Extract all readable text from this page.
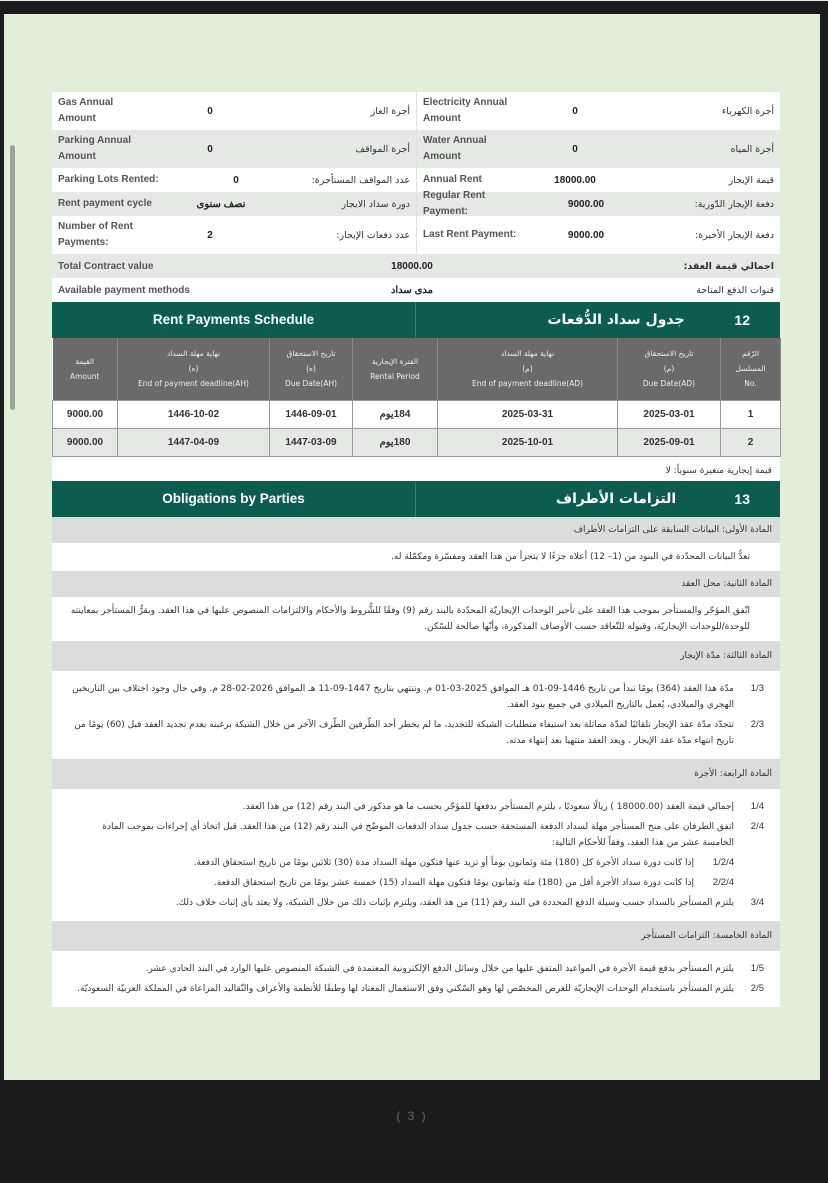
Gas Annual Amount
0	أجرة الغاز
Electricity Annual Amount
0	أجرة الكهرباء
Parking Annual Amount
0	أجرة المواقف
Water Annual Amount
0	أجرة المياه
Parking Lots Rented:	0	عدد المواقف المستأجرة:	Annual Rent	18000.00	قيمة الإيجار
Rent payment cycle	نصف سنوى	دورة سداد الايجار
Regular Rent Payment:
9000.00	دفعة الإيجار الدّورية:
Number of Rent Payments:
2	عدد دفعات الإيجار:	Last Rent Payment:	9000.00	دفعة الإيجار الأخيرة:
Total Contract value	18000.00	اجمالي قيمة العقد:
Available payment methods	مدى سداد	قنوات الدفع المتاحة
Rent Payments Schedule	12
جدول سداد الدُّفعات
الرّقم
المسلسل
.No

تاريخ الاستحقاق
(م)
Due Date(AD)

نهاية مهلة السداد
(م)
End of payment deadline(AD)

الفترة الإيجارية
Rental Period

تاريخ الاستحقاق
(ه)
Due Date(AH)

نهاية مهلة السداد
(ه)
End of payment deadline(AH)

القيمة
Amount

1	2025-03-01	2025-03-31	184يوم	1446-09-01	1446-10-02	9000.00
2	2025-09-01	2025-10-01	180يوم	1447-03-09	1447-04-09	9000.00
قيمة إيجارية متغيرة سنوياً: لا
Obligations by Parties	13
التزامات الأطراف
المادة الأولى: البيانات السابقة على التزامات الأطراف
تعدُّ البيانات المحدّدة في البنود من (1– 12) أعلاه جزءًا لا يتجزأ من هذا العقد ومفسّرة ومكمّلة له.
المادة الثانية: محل العقد
اتّفق المؤجّر والمستأجر بموجب هذا العقد على تأجير الوحدات الإيجاريّة المحدّدة بالبند رقم (9) وفقًا للشُّروط والأحكام والالتزامات المنصوص عليها في هذا العقد. ويقرُّ المستأجر بمعاينته للوحدة/للوحدات الإيجاريّة، وقبوله للتّعاقد حسب الأوصاف المذكورة، وأنّها صالحة للسّكن.
المادة الثالثة: مدّة الإيجار
1/3
مدّة هذا العقد (364) يومًا تبدأ من تاريخ 1446-09-01 هـ الموافق 2025-03-01 م. وتنتهي بتاريخ 1447-09-11 هـ الموافق 2026-02-28 م. وفي حال وجود اختلاف بين التاريخين الهجري والميلادي، يُعمل بالتاريخ الميلادي في جميع بنود العقد.
2/3
تتجدّد مدّة عقد الإيجار تلقائيًا لمدّة مماثلة بعد استيفاء متطلبات الشبكة للتجديد، ما لم يخطر أحد الطّرفين الطّرف الآخر من خلال الشبكة برغبته بعدم تجديد العقد قبل (60) يومًا من تاريخ انتهاء مدّة عقد الإيجار ، ويعد العقد منتهيا بعد إنتهاء مدته.
المادة الرابعة: الأجرة
1/4
إجمالي قيمة العقد (18000.00 ) ريالًا سعوديًا ، يلتزم المستأجر بدفعها للمؤجّر بحسب ما هو مذكور في البند رقم (12) من هذا العقد.
2/4
اتفق الطرفان على منح المستأجر مهلة لسداد الدفعة المستحقة حسب جدول سداد الدفعات الموضّح في البند رقم (12) من هذا العقد. قبل اتخاذ أي إجراءات بموجب المادة الخامسة عشر من هذا العقد، وفقاً للأحكام التالية:
1/2/4
إذا كانت دورة سداد الأجرة كل (180) مئة وثمانون يوماً أو تزيد عنها فتكون مهلة السداد مدة (30) ثلاثين يومًا من تاريخ استحقاق الدفعة.
2/2/4
إذا كانت دورة سداد الأجرة أقل من (180) مئة وثمانون يومًا فتكون مهلة السداد (15) خمسة عشر يومًا من تاريخ استحقاق الدفعة.
3/4
يلتزم المستأجر بالسداد حسب وسيلة الدفع المحددة في البند رقم (11) من هذ العقد، ويلتزم بإثبات ذلك من خلال الشبكة، ولا يعتد بأي إثبات خلاف ذلك.
المادة الخامسة: التزامات المستأجر
1/5
يلتزم المستأجر بدفع قيمة الأجرة في المواعيد المتفق عليها من خلال وسائل الدفع الإلكترونية المعتمدة في الشبكة المنصوص عليها الوارد في البند الحادي عشر.
2/5
يلتزم المستأجر باستخدام الوحدات الإيجاريّة للغرض المخصّص لها وهو السّكني وفق الاستعمال المعتاد لها وطبقًا للأنظمة والأعراف والتّقاليد المراعاة في المملكة العربيّة السعوديّة.
( 3 )
